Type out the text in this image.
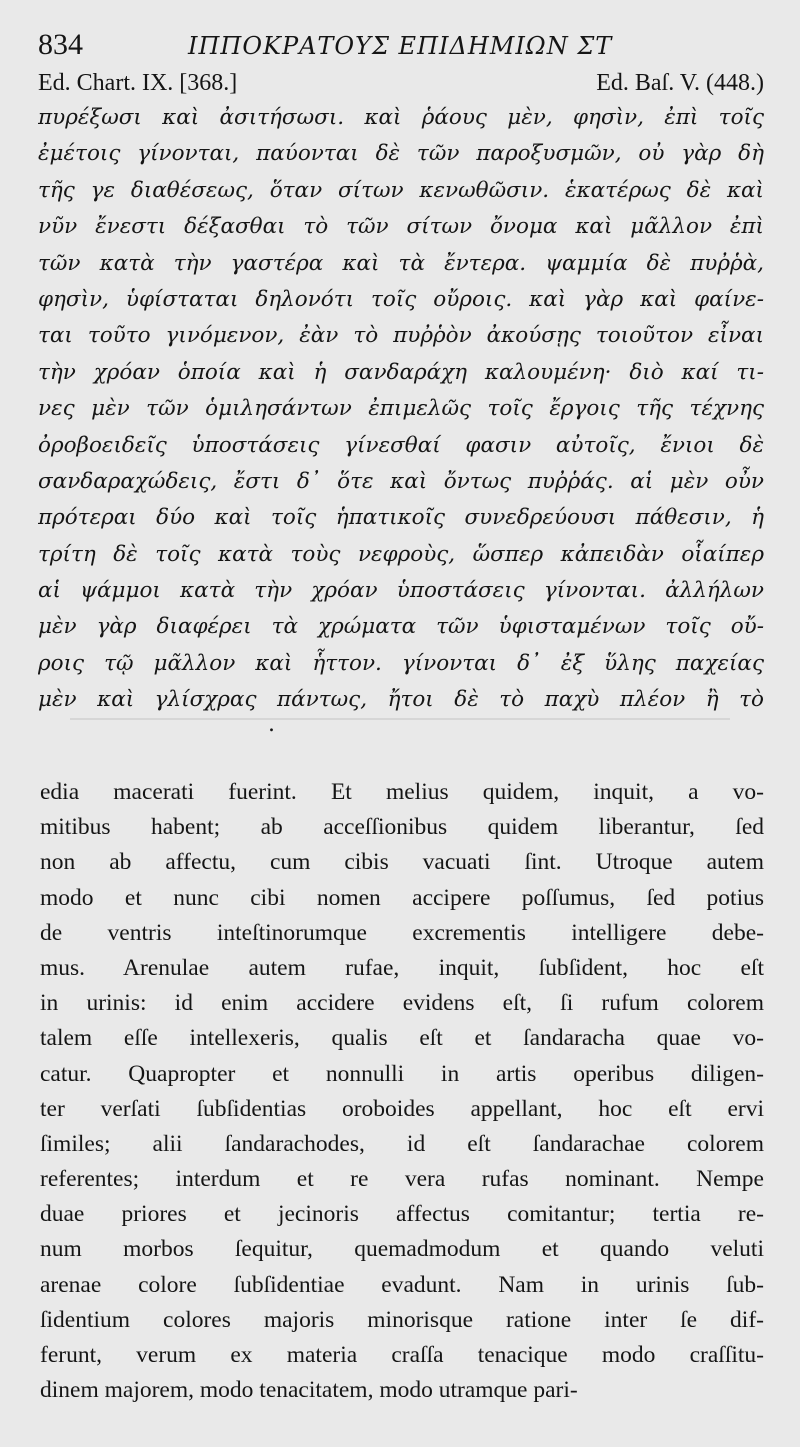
834	ΙΠΠΟΚΡΑΤΟΥΣ ΕΠΙΔΗΜΙΩΝ ΣΤ
Ed. Chart. IX. [368.]	Ed. Baſ. V. (448.)
πυρέξωσι καὶ ἀσιτήσωσι. καὶ ῥάους μὲν, φησὶν, ἐπὶ τοῖς
ἐμέτοις γίνονται, παύονται δὲ τῶν παροξυσμῶν, οὐ γὰρ δὴ
τῆς γε διαθέσεως, ὅταν σίτων κενωθῶσιν. ἑκατέρως δὲ καὶ
νῦν ἔνεστι δέξασθαι τὸ τῶν σίτων ὄνομα καὶ μᾶλλον ἐπὶ
τῶν κατὰ τὴν γαστέρα καὶ τὰ ἔντερα. ψαμμία δὲ πυῤῥὰ,
φησὶν, ὑφίσταται δηλονότι τοῖς οὔροις. καὶ γὰρ καὶ φαίνε-
ται τοῦτο γινόμενον, ἐὰν τὸ πυῤῥὸν ἀκούσῃς τοιοῦτον εἶναι
τὴν χρόαν ὁποία καὶ ἡ σανδαράχη καλουμένη· διὸ καί τι-
νες μὲν τῶν ὁμιλησάντων ἐπιμελῶς τοῖς ἔργοις τῆς τέχνης
ὀροβοειδεῖς ὑποστάσεις γίνεσθαί φασιν αὐτοῖς, ἔνιοι δὲ
σανδαραχώδεις, ἔστι δ᾽ ὅτε καὶ ὄντως πυῤῥάς. αἱ μὲν οὖν
πρότεραι δύο καὶ τοῖς ἡπατικοῖς συνεδρεύουσι πάθεσιν, ἡ
τρίτη δὲ τοῖς κατὰ τοὺς νεφροὺς, ὥσπερ κἀπειδὰν οἷαίπερ
αἱ ψάμμοι κατὰ τὴν χρόαν ὑποστάσεις γίνονται. ἀλλήλων
μὲν γὰρ διαφέρει τὰ χρώματα τῶν ὑφισταμένων τοῖς οὔ-
ροις τῷ μᾶλλον καὶ ἧττον. γίνονται δ᾽ ἐξ ὕλης παχείας
μὲν καὶ γλίσχρας πάντως, ἤτοι δὲ τὸ παχὺ πλέον ἢ τὸ
.
edia macerati fuerint. Et melius quidem, inquit, a vo-
mitibus habent; ab acceſſionibus quidem liberantur, ſed
non ab affectu, cum cibis vacuati ſint. Utroque autem
modo et nunc cibi nomen accipere poſſumus, ſed potius
de ventris inteſtinorumque excrementis intelligere debe-
mus. Arenulae autem rufae, inquit, ſubſident, hoc eſt
in urinis: id enim accidere evidens eſt, ſi rufum colorem
talem eſſe intellexeris, qualis eſt et ſandaracha quae vo-
catur. Quapropter et nonnulli in artis operibus diligen-
ter verſati ſubſidentias oroboides appellant, hoc eſt ervi
ſimiles; alii ſandarachodes, id eſt ſandarachae colorem
referentes; interdum et re vera rufas nominant. Nempe
duae priores et jecinoris affectus comitantur; tertia re-
num morbos ſequitur, quemadmodum et quando veluti
arenae colore ſubſidentiae evadunt. Nam in urinis ſub-
ſidentium colores majoris minorisque ratione inter ſe dif-
ferunt, verum ex materia craſſa tenacique modo craſſitu-
dinem majorem, modo tenacitatem, modo utramque pari-
